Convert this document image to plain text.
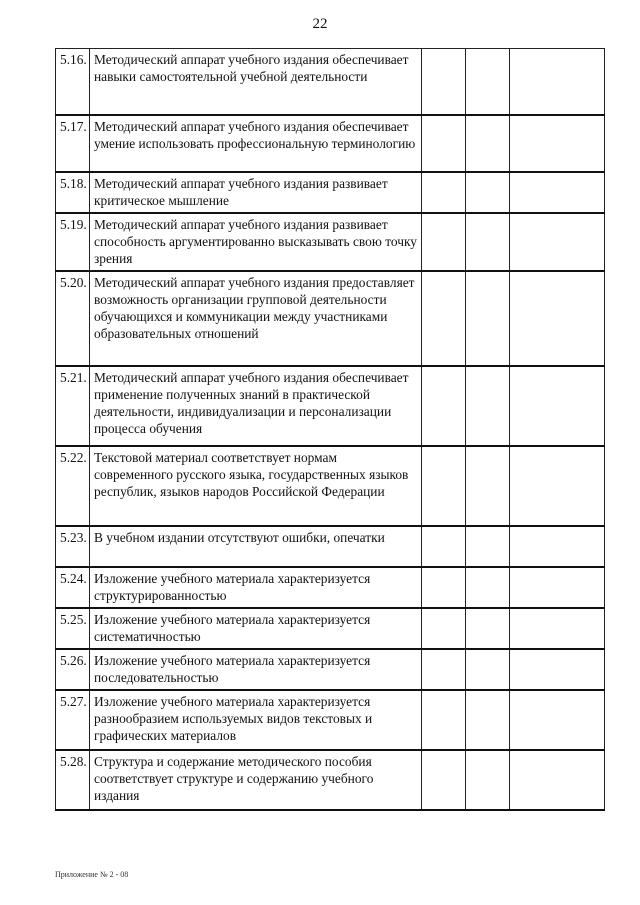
22
5.16.	Методический аппарат учебного издания обеспечивает навыки самостоятельной учебной деятельности			
5.17.	Методический аппарат учебного издания обеспечивает умение использовать профессиональную терминологию			
5.18.	Методический аппарат учебного издания развивает критическое мышление			
5.19.	Методический аппарат учебного издания развивает способность аргументированно высказывать свою точку зрения			
5.20.	Методический аппарат учебного издания предоставляет возможность организации групповой деятельности обучающихся и коммуникации между участниками образовательных отношений			
5.21.	Методический аппарат учебного издания обеспечивает применение полученных знаний в практической деятельности, индивидуализации и персонализации процесса обучения			
5.22.	Текстовой материал соответствует нормам современного русского языка, государственных языков республик, языков народов Российской Федерации			
5.23.	В учебном издании отсутствуют ошибки, опечатки			
5.24.	Изложение учебного материала характеризуется структурированностью			
5.25.	Изложение учебного материала характеризуется систематичностью			
5.26.	Изложение учебного материала характеризуется последовательностью			
5.27.	Изложение учебного материала характеризуется разнообразием используемых видов текстовых и графических материалов			
5.28.	Структура и содержание методического пособия соответствует структуре и содержанию учебного издания			
Приложение № 2 - 08
